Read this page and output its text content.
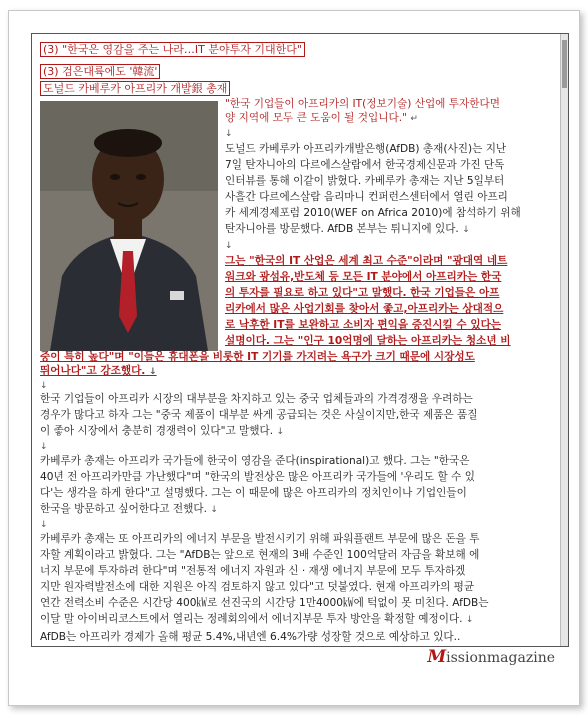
(3) "한국은 영감을 주는 나라…IT 분야투자 기대한다"
(3) 검은대륙에도 '韓流'
도널드 카베루카 아프리카 개발銀 총재
"한국 기업들이 아프리카의 IT(정보기술) 산업에 투자한다면
양 지역에 모두 큰 도움이 될 것입니다." ↵
↓
도널드 카베루카 아프리카개발은행(AfDB) 총재(사진)는 지난
7일 탄자니아의 다르에스살람에서 한국경제신문과 가진 단독
인터뷰를 통해 이같이 밝혔다. 카베루카 총재는 지난 5일부터
사흘간 다르에스살람 음리마니 컨퍼런스센터에서 열린 아프리
카 세계경제포럼 2010(WEF on Africa 2010)에 참석하기 위해
탄자니아를 방문했다. AfDB 본부는 튀니지에 있다. ↓
↓
그는 "한국의 IT 산업은 세계 최고 수준"이라며 "광대역 네트
워크와 광섬유,반도체 등 모든 IT 분야에서 아프리카는 한국
의 투자를 필요로 하고 있다"고 말했다. 한국 기업들은 아프
리카에서 많은 사업기회를 찾아서 좋고,아프리카는 상대적으
로 낙후한 IT를 보완하고 소비자 편익을 증진시킬 수 있다는
설명이다. 그는 "인구 10억명에 달하는 아프리카는 청소년 비
중이 특히 높다"며 "이들은 휴대폰을 비롯한 IT 기기를 가지려는 욕구가 크기 때문에 시장성도
뛰어나다"고 강조했다. ↓
↓
한국 기업들이 아프리카 시장의 대부분을 차지하고 있는 중국 업체들과의 가격경쟁을 우려하는
경우가 많다고 하자 그는 "중국 제품이 대부분 싸게 공급되는 것은 사실이지만,한국 제품은 품질
이 좋아 시장에서 충분히 경쟁력이 있다"고 말했다. ↓
↓
카베루카 총재는 아프리카 국가들에 한국이 영감을 준다(inspirational)고 했다. 그는 "한국은
40년 전 아프리카만큼 가난했다"며 "한국의 발전상은 많은 아프리카 국가들에 '우리도 할 수 있
다'는 생각을 하게 한다"고 설명했다. 그는 이 때문에 많은 아프리카의 정치인이나 기업인들이
한국을 방문하고 싶어한다고 전했다. ↓
↓
카베루카 총재는 또 아프리카의 에너지 부문을 발전시키기 위해 파워플랜트 부문에 많은 돈을 투
자할 계획이라고 밝혔다. 그는 "AfDB는 앞으로 현재의 3배 수준인 100억달러 자금을 확보해 에
너지 부문에 투자하려 한다"며 "전통적 에너지 자원과 신 · 재생 에너지 부문에 모두 투자하겠
지만 원자력발전소에 대한 지원은 아직 검토하지 않고 있다"고 덧붙였다. 현재 아프리카의 평균
연간 전력소비 수준은 시간당 400㎾로 선진국의 시간당 1만4000㎾에 턱없이 못 미친다. AfDB는
이달 말 아이버리코스트에서 열리는 정례회의에서 에너지부문 투자 방안을 확정할 예정이다. ↓
AfDB는 아프리카 경제가 올해 평균 5.4%,내년엔 6.4%가량 성장할 것으로 예상하고 있다..
Missionmagazine
